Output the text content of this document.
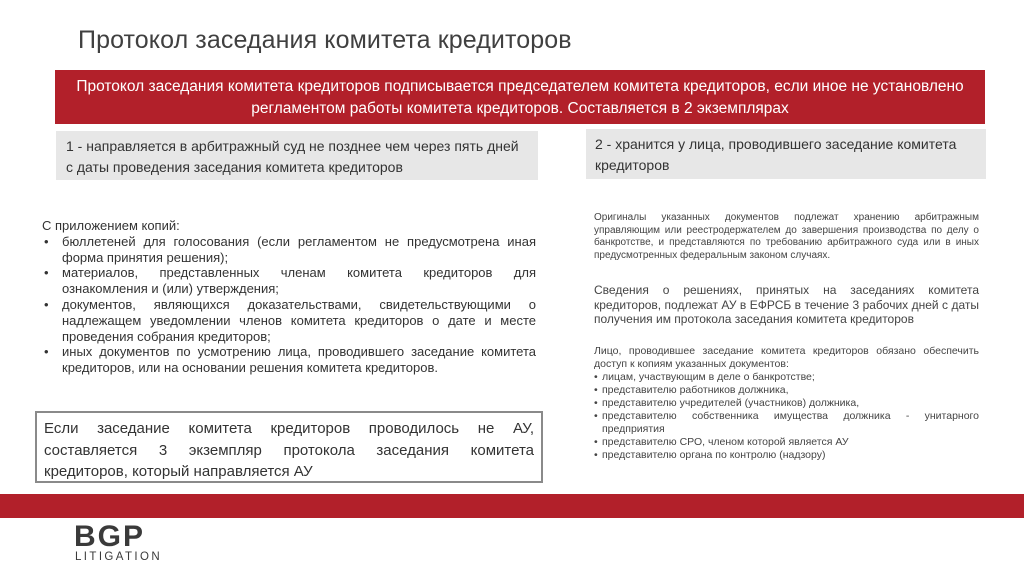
Протокол заседания комитета кредиторов
Протокол заседания комитета кредиторов подписывается председателем комитета кредиторов, если иное не установлено регламентом работы комитета кредиторов. Составляется в 2 экземплярах
1 - направляется в арбитражный суд не позднее чем через пять дней с даты проведения заседания комитета кредиторов
2 - хранится у лица, проводившего заседание комитета кредиторов
С приложением копий:
• бюллетеней для голосования (если регламентом не предусмотрена иная форма принятия решения);
• материалов, представленных членам комитета кредиторов для ознакомления и (или) утверждения;
• документов, являющихся доказательствами, свидетельствующими о надлежащем уведомлении членов комитета кредиторов о дате и месте проведения собрания кредиторов;
• иных документов по усмотрению лица, проводившего заседание комитета кредиторов, или на основании решения комитета кредиторов.
Если заседание комитета кредиторов проводилось не АУ, составляется 3 экземпляр протокола заседания комитета кредиторов, который направляется АУ
Оригиналы указанных документов подлежат хранению арбитражным управляющим или реестродержателем до завершения производства по делу о банкротстве, и представляются по требованию арбитражного суда или в иных предусмотренных федеральным законом случаях.
Сведения о решениях, принятых на заседаниях комитета кредиторов, подлежат АУ в ЕФРСБ в течение 3 рабочих дней с даты получения им протокола заседания комитета кредиторов
Лицо, проводившее заседание комитета кредиторов обязано обеспечить доступ к копиям указанных документов:
• лицам, участвующим в деле о банкротстве;
• представителю работников должника,
• представителю учредителей (участников) должника,
• представителю собственника имущества должника - унитарного предприятия
• представителю СРО, членом которой является АУ
• представителю органа по контролю (надзору)
BGP
LITIGATION
